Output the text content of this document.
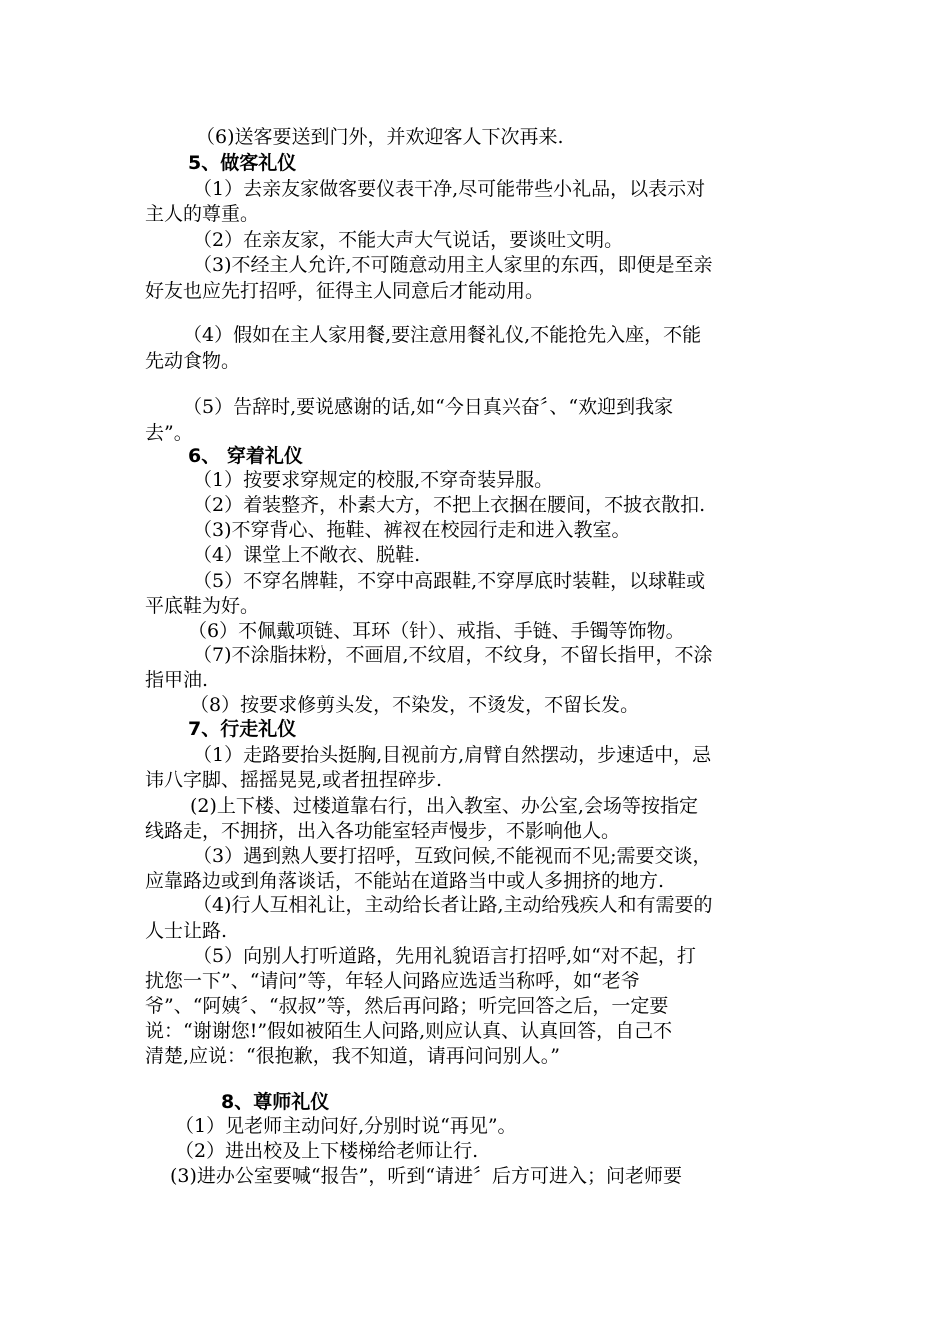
（6)送客要送到门外，并欢迎客人下次再来.
5、做客礼仪
（1）去亲友家做客要仪表干净,尽可能带些小礼品，以表示对
主人的尊重。
（2）在亲友家，不能大声大气说话，要谈吐文明。
（3)不经主人允许,不可随意动用主人家里的东西，即便是至亲
好友也应先打招呼，征得主人同意后才能动用。
（4）假如在主人家用餐,要注意用餐礼仪,不能抢先入座，不能
先动食物。
（5）告辞时,要说感谢的话,如“今日真兴奋〞、“欢迎到我家
去”。
6、 穿着礼仪
（1）按要求穿规定的校服,不穿奇装异服。
（2）着装整齐，朴素大方，不把上衣捆在腰间，不披衣散扣.
（3)不穿背心、拖鞋、裤衩在校园行走和进入教室。
（4）课堂上不敞衣、脱鞋.
（5）不穿名牌鞋，不穿中高跟鞋,不穿厚底时装鞋，以球鞋或
平底鞋为好。
（6）不佩戴项链、耳环（针）、戒指、手链、手镯等饰物。
（7)不涂脂抹粉，不画眉,不纹眉，不纹身，不留长指甲，不涂
指甲油.
（8）按要求修剪头发，不染发，不烫发，不留长发。
7、行走礼仪
（1）走路要抬头挺胸,目视前方,肩臂自然摆动，步速适中，忌
讳八字脚、摇摇晃晃,或者扭捏碎步.
(2)上下楼、过楼道靠右行，出入教室、办公室,会场等按指定
线路走，不拥挤，出入各功能室轻声慢步，不影响他人。
（3）遇到熟人要打招呼，互致问候,不能视而不见;需要交谈，
应靠路边或到角落谈话，不能站在道路当中或人多拥挤的地方.
（4)行人互相礼让，主动给长者让路,主动给残疾人和有需要的
人士让路.
（5）向别人打听道路，先用礼貌语言打招呼,如“对不起，打
扰您一下”、“请问”等，年轻人问路应选适当称呼，如“老爷
爷”、“阿姨〞、“叔叔”等，然后再问路；听完回答之后，一定要
说：“谢谢您!”假如被陌生人问路,则应认真、认真回答，自己不
清楚,应说：“很抱歉，我不知道，请再问问别人。”
8、尊师礼仪
（1）见老师主动问好,分别时说“再见”。
（2）进出校及上下楼梯给老师让行.
(3)进办公室要喊“报告”，听到“请进〞后方可进入；问老师要
